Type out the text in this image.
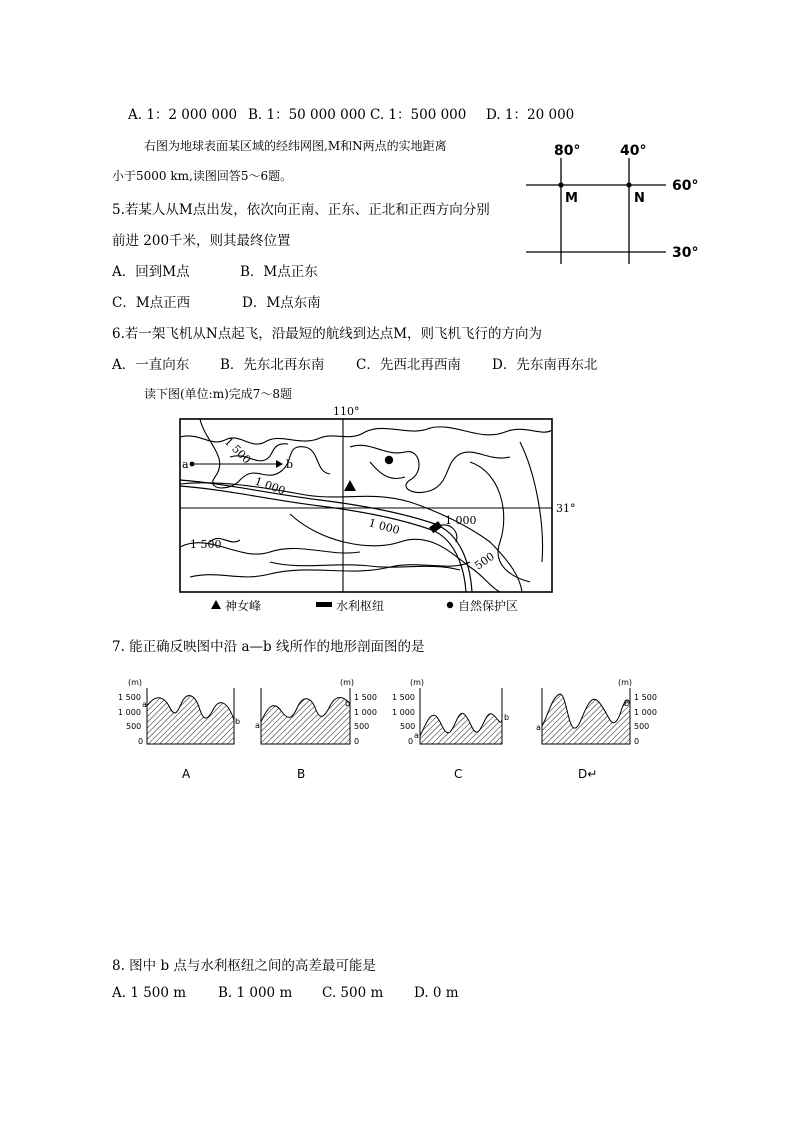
A. 1：2 000 000 B. 1：50 000 000 C. 1：500 000 D. 1：20 000
右图为地球表面某区域的经纬网图,M和N两点的实地距离
小于5000 km,读图回答5～6题。
5.若某人从M点出发，依次向正南、正东、正北和正西方向分别
前进 200千米，则其最终位置
A．回到M点	B．M点正东
C．M点正西	D．M点东南
80°	40°
60°
30°
M	N
6.若一架飞机从N点起飞，沿最短的航线到达点M，则飞机飞行的方向为
A．一直向东 B．先东北再东南 C．先西北再西南 D．先东南再东北
读下图(单位:m)完成7～8题
a	b
110°
31°
1 500
1 000
1 000	1 000
1 500
500
神女峰	水利枢纽	自然保护区
7. 能正确反映图中沿 a—b 线所作的地形剖面图的是
(m)
1 500
1 000
500
0
a
b
A
(m)
1 500
1 000
500
0
a
b
B
(m)
1 500
1 000
500
0
a
b
C
(m)
1 500
1 000
500
0
a
b
D↵
8. 图中 b 点与水利枢纽之间的高差最可能是
A. 1 500 m B. 1 000 m C. 500 m D. 0 m
